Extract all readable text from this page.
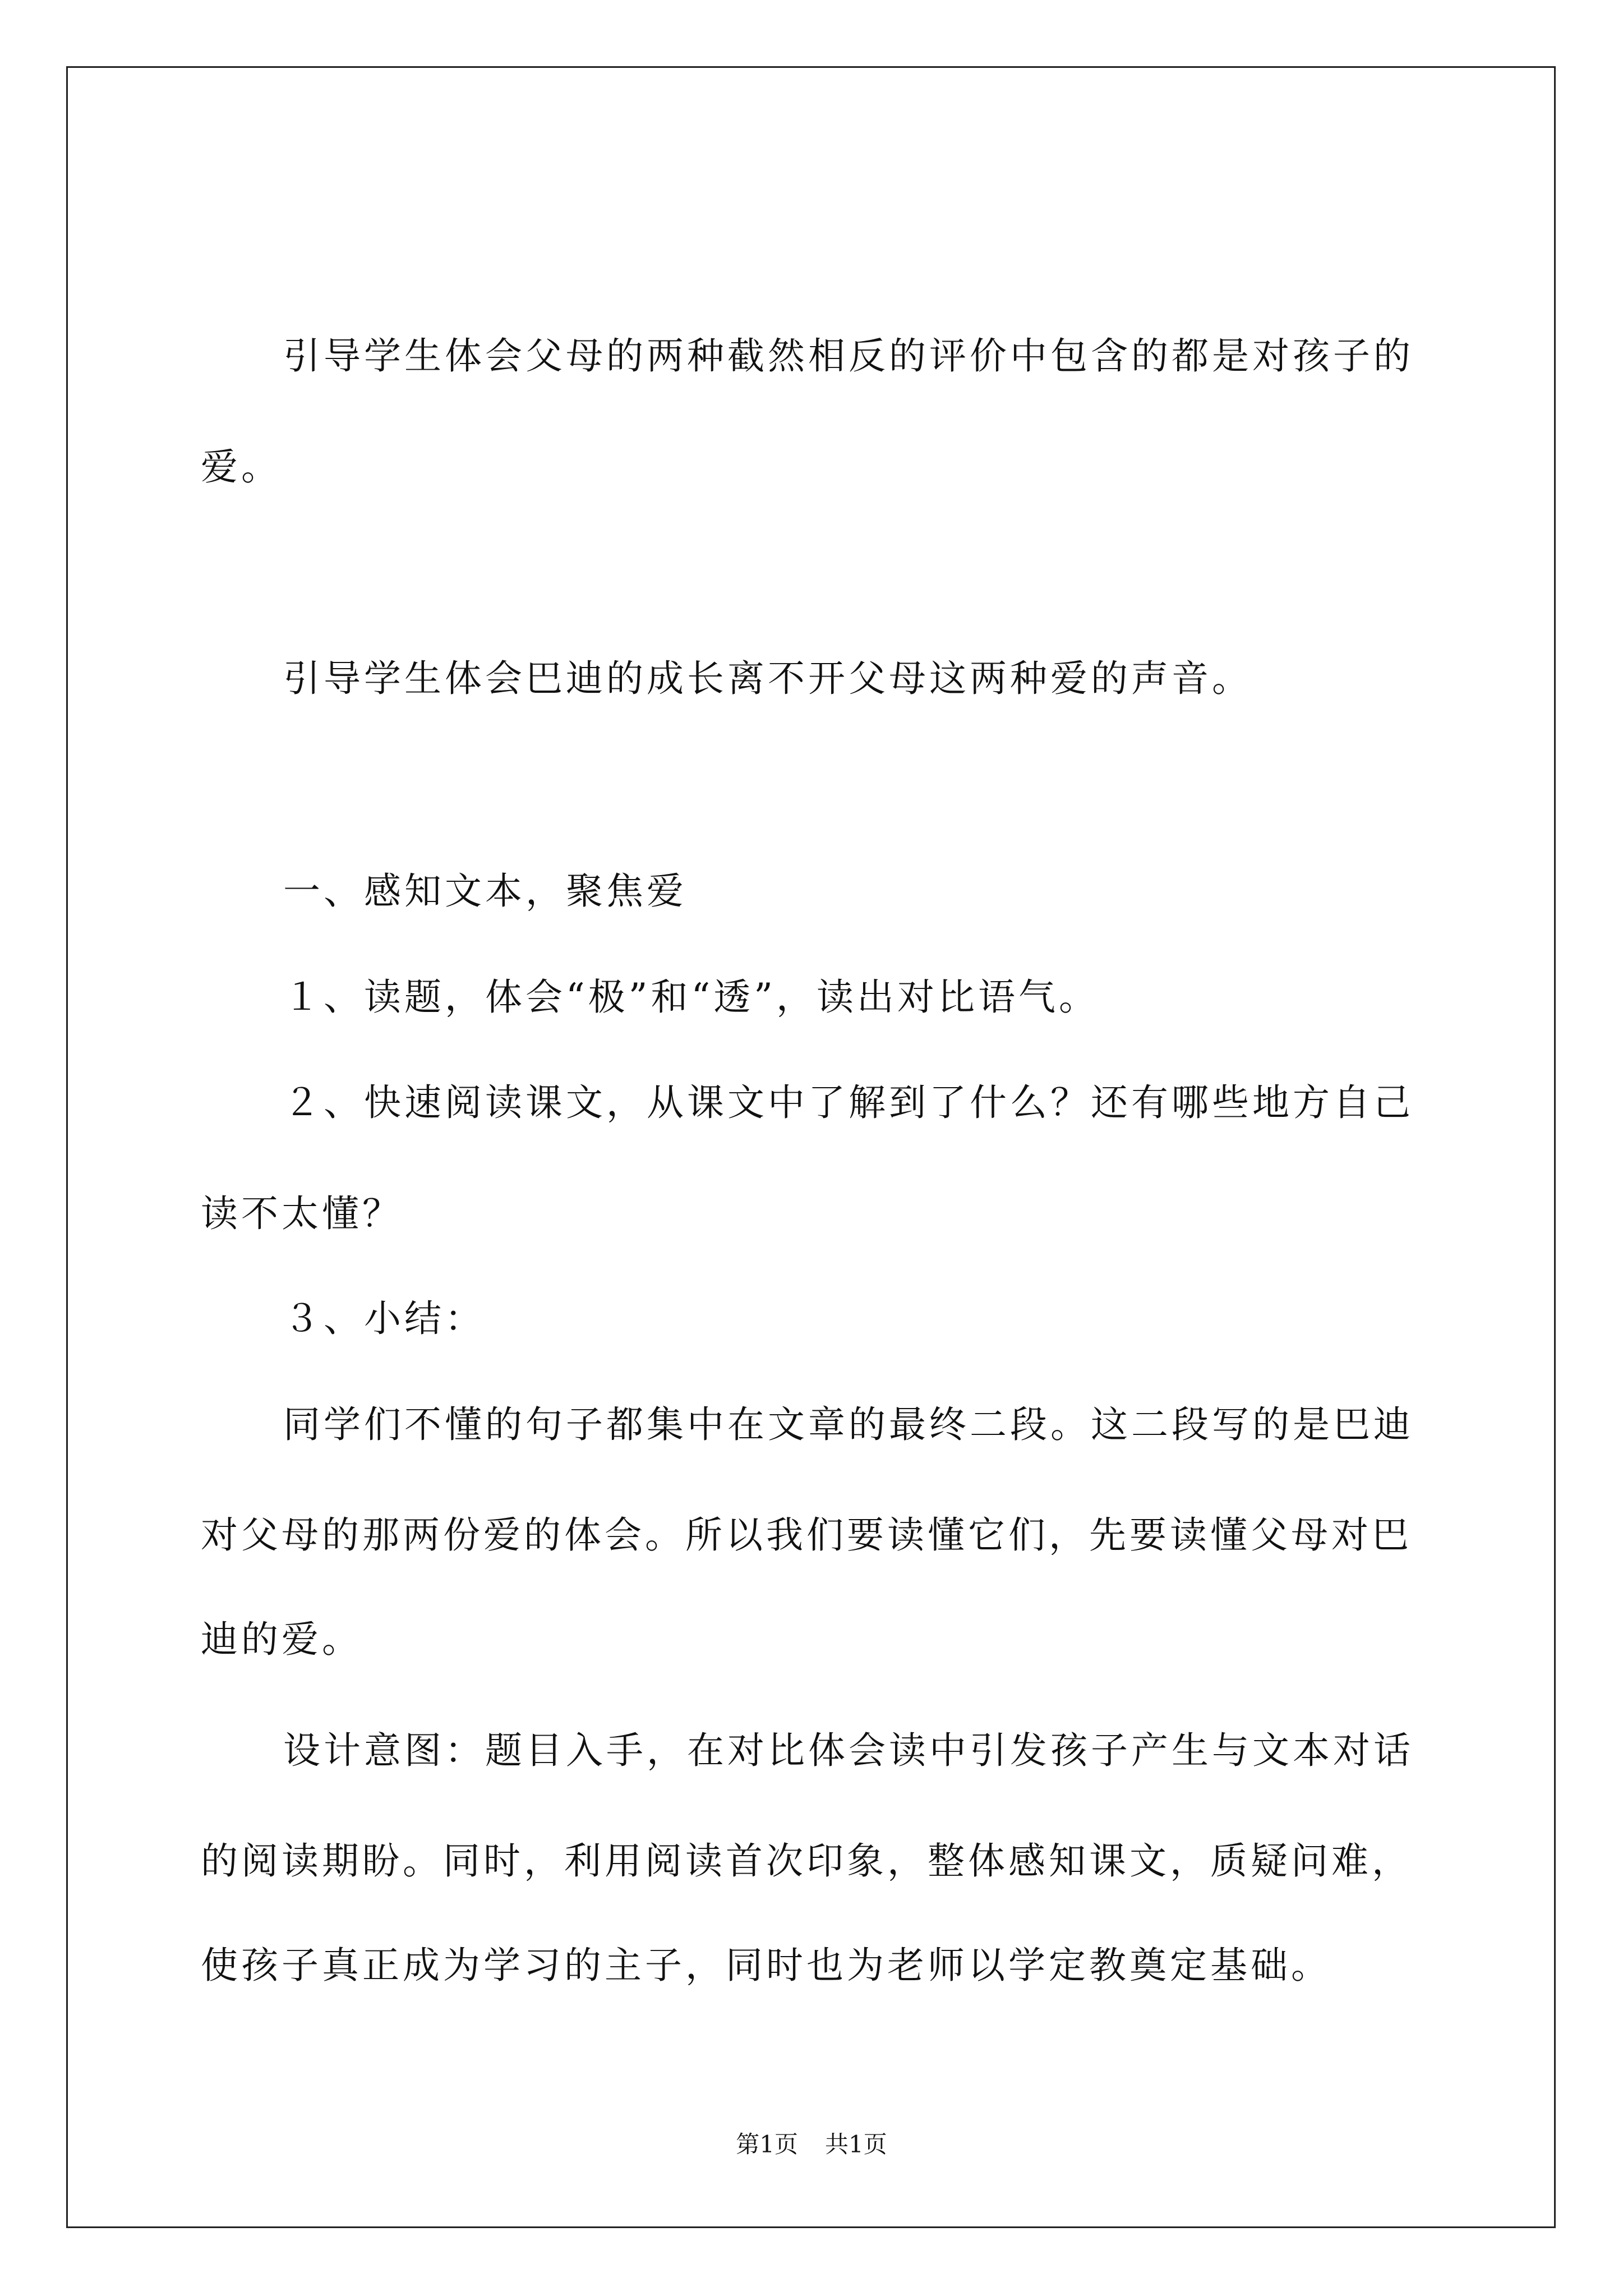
引导学生体会父母的两种截然相反的评价中包含的都是对孩子的
爱。
引导学生体会巴迪的成长离不开父母这两种爱的声音。
一、感知文本，聚焦爱
１、读题，体会“极”和“透”，读出对比语气。
２、快速阅读课文，从课文中了解到了什么？还有哪些地方自己
读不太懂？
３、小结：
同学们不懂的句子都集中在文章的最终二段。这二段写的是巴迪
对父母的那两份爱的体会。所以我们要读懂它们，先要读懂父母对巴
迪的爱。
设计意图：题目入手，在对比体会读中引发孩子产生与文本对话
的阅读期盼。同时，利用阅读首次印象，整体感知课文，质疑问难，
使孩子真正成为学习的主子，同时也为老师以学定教奠定基础。
第1页 共1页
